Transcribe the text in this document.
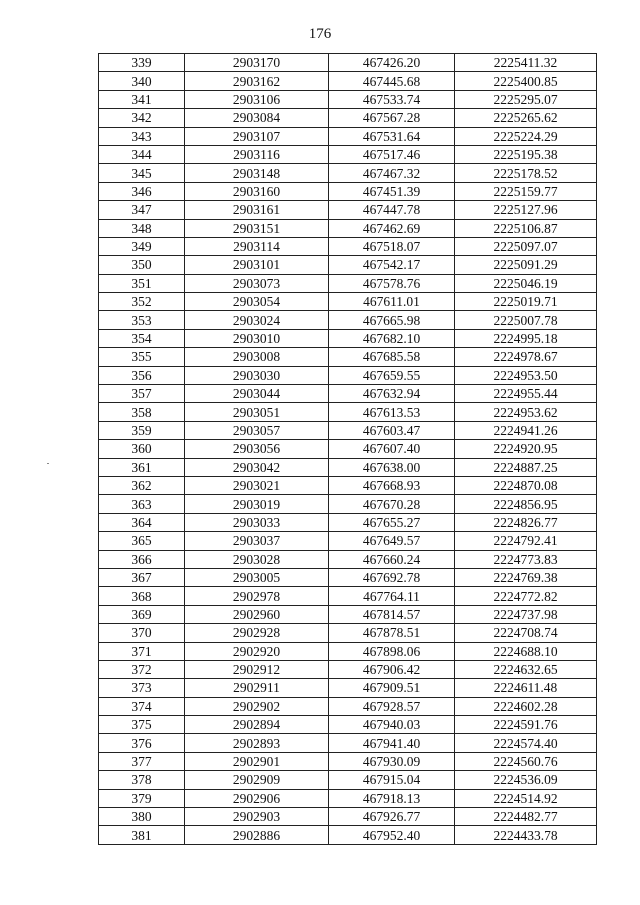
176
339	2903170	467426.20	2225411.32
340	2903162	467445.68	2225400.85
341	2903106	467533.74	2225295.07
342	2903084	467567.28	2225265.62
343	2903107	467531.64	2225224.29
344	2903116	467517.46	2225195.38
345	2903148	467467.32	2225178.52
346	2903160	467451.39	2225159.77
347	2903161	467447.78	2225127.96
348	2903151	467462.69	2225106.87
349	2903114	467518.07	2225097.07
350	2903101	467542.17	2225091.29
351	2903073	467578.76	2225046.19
352	2903054	467611.01	2225019.71
353	2903024	467665.98	2225007.78
354	2903010	467682.10	2224995.18
355	2903008	467685.58	2224978.67
356	2903030	467659.55	2224953.50
357	2903044	467632.94	2224955.44
358	2903051	467613.53	2224953.62
359	2903057	467603.47	2224941.26
360	2903056	467607.40	2224920.95
361	2903042	467638.00	2224887.25
362	2903021	467668.93	2224870.08
363	2903019	467670.28	2224856.95
364	2903033	467655.27	2224826.77
365	2903037	467649.57	2224792.41
366	2903028	467660.24	2224773.83
367	2903005	467692.78	2224769.38
368	2902978	467764.11	2224772.82
369	2902960	467814.57	2224737.98
370	2902928	467878.51	2224708.74
371	2902920	467898.06	2224688.10
372	2902912	467906.42	2224632.65
373	2902911	467909.51	2224611.48
374	2902902	467928.57	2224602.28
375	2902894	467940.03	2224591.76
376	2902893	467941.40	2224574.40
377	2902901	467930.09	2224560.76
378	2902909	467915.04	2224536.09
379	2902906	467918.13	2224514.92
380	2902903	467926.77	2224482.77
381	2902886	467952.40	2224433.78
